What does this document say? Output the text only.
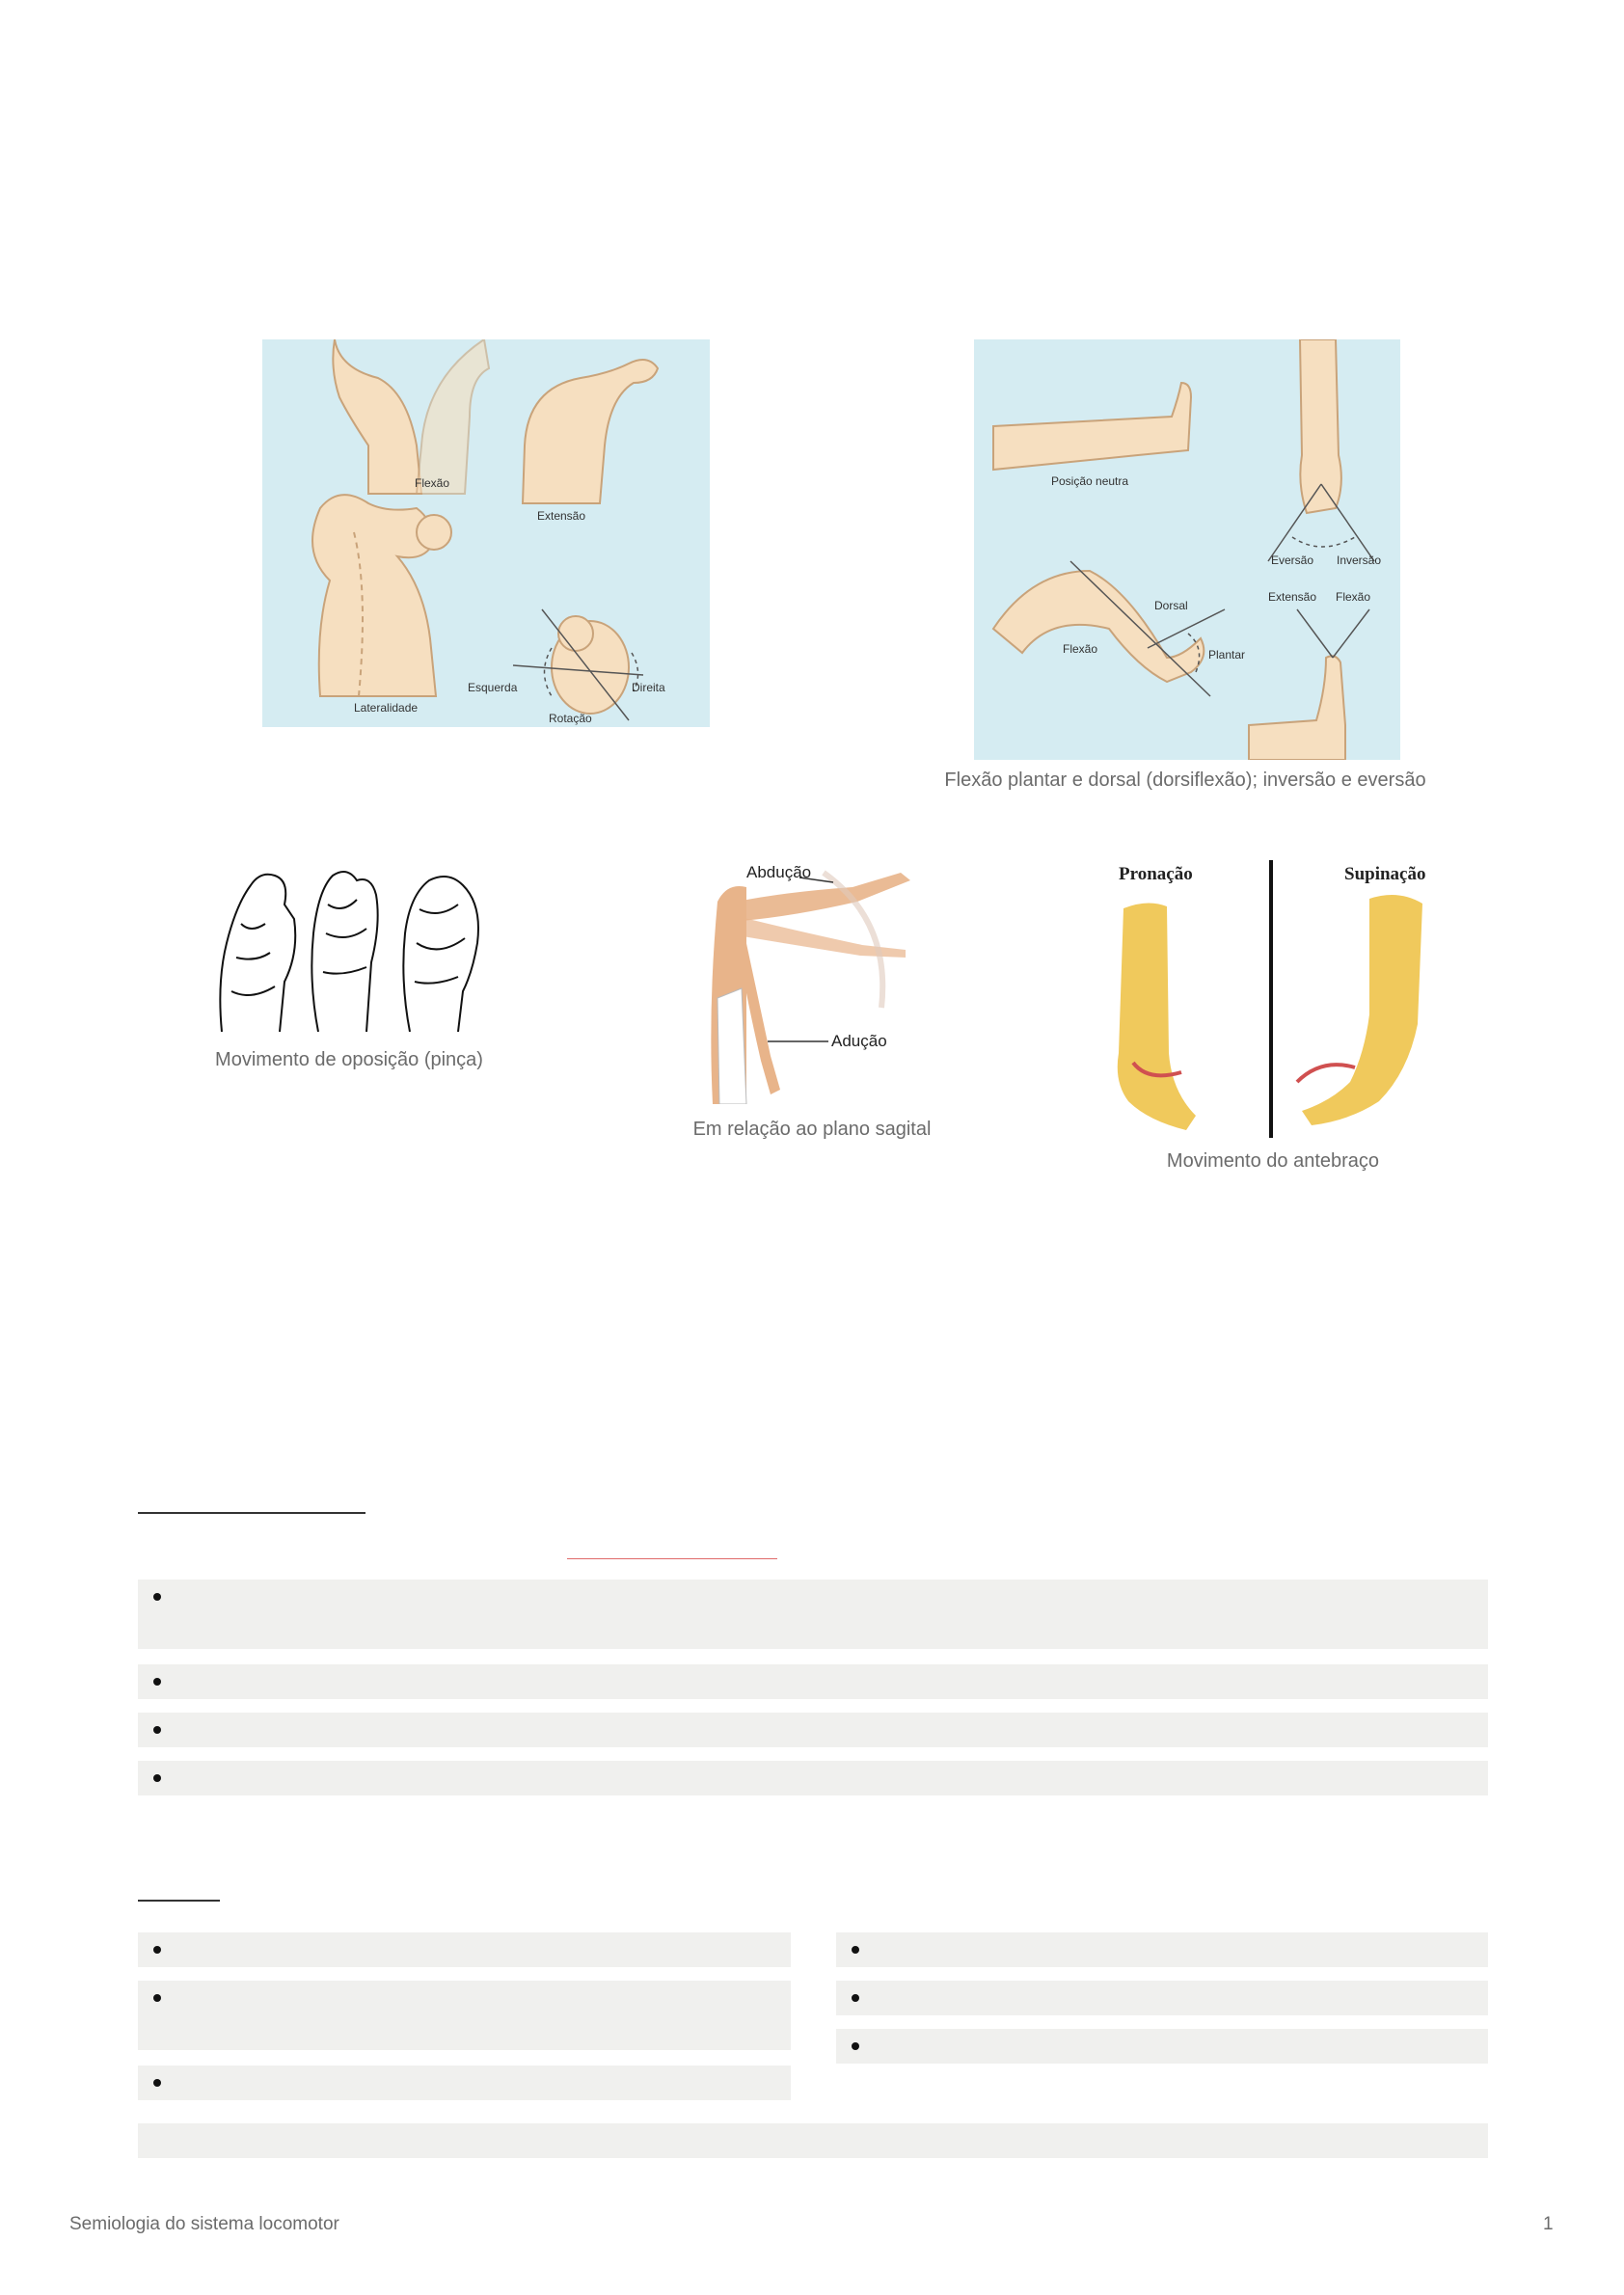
Flexão
Extensão
Lateralidade
Esquerda	Direita
Rotação
Posição neutra
Eversão Inversão
Extensão Flexão
Dorsal
Plantar
Flexão
Flexão plantar e dorsal (dorsiflexão); inversão e eversão
Movimento de oposição (pinça)
Abdução
Adução
Em relação ao plano sagital
Pronação	Supinação
Movimento do antebraço
Semiologia do sistema locomotor	1
